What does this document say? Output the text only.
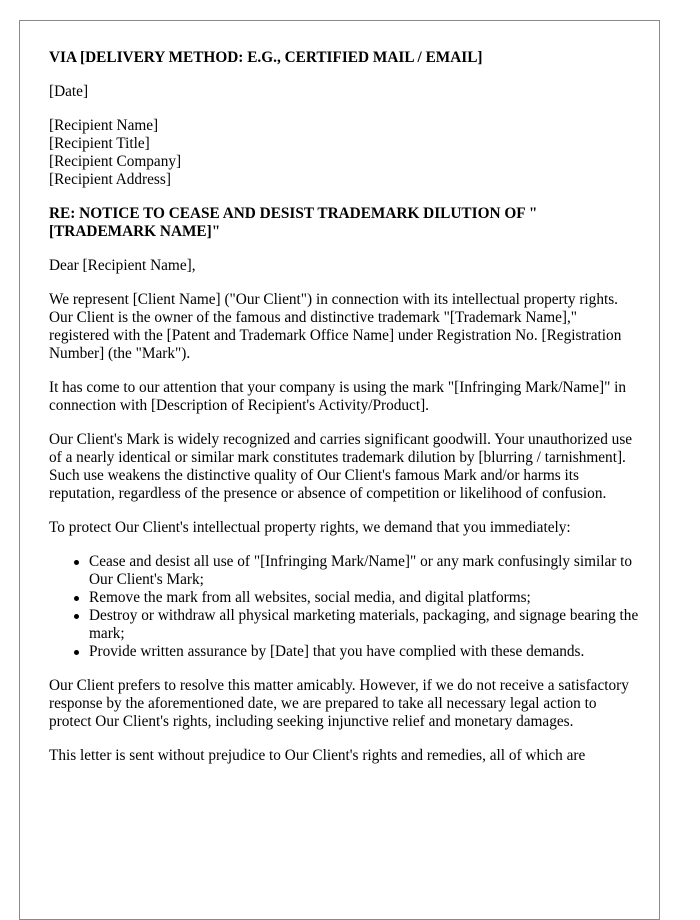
VIA [DELIVERY METHOD: E.G., CERTIFIED MAIL / EMAIL]

[Date]

[Recipient Name]
[Recipient Title]
[Recipient Company]
[Recipient Address]

RE: NOTICE TO CEASE AND DESIST TRADEMARK DILUTION OF "[TRADEMARK NAME]"

Dear [Recipient Name],

We represent [Client Name] ("Our Client") in connection with its intellectual property rights. Our Client is the owner of the famous and distinctive trademark "[Trademark Name]," registered with the [Patent and Trademark Office Name] under Registration No. [Registration Number] (the "Mark").

It has come to our attention that your company is using the mark "[Infringing Mark/Name]" in connection with [Description of Recipient's Activity/Product].

Our Client's Mark is widely recognized and carries significant goodwill. Your unauthorized use of a nearly identical or similar mark constitutes trademark dilution by [blurring / tarnishment]. Such use weakens the distinctive quality of Our Client's famous Mark and/or harms its reputation, regardless of the presence or absence of competition or likelihood of confusion.

To protect Our Client's intellectual property rights, we demand that you immediately:

Cease and desist all use of "[Infringing Mark/Name]" or any mark confusingly similar to Our Client's Mark;
Remove the mark from all websites, social media, and digital platforms;
Destroy or withdraw all physical marketing materials, packaging, and signage bearing the mark;
Provide written assurance by [Date] that you have complied with these demands.

Our Client prefers to resolve this matter amicably. However, if we do not receive a satisfactory response by the aforementioned date, we are prepared to take all necessary legal action to protect Our Client's rights, including seeking injunctive relief and monetary damages.

This letter is sent without prejudice to Our Client's rights and remedies, all of which are
